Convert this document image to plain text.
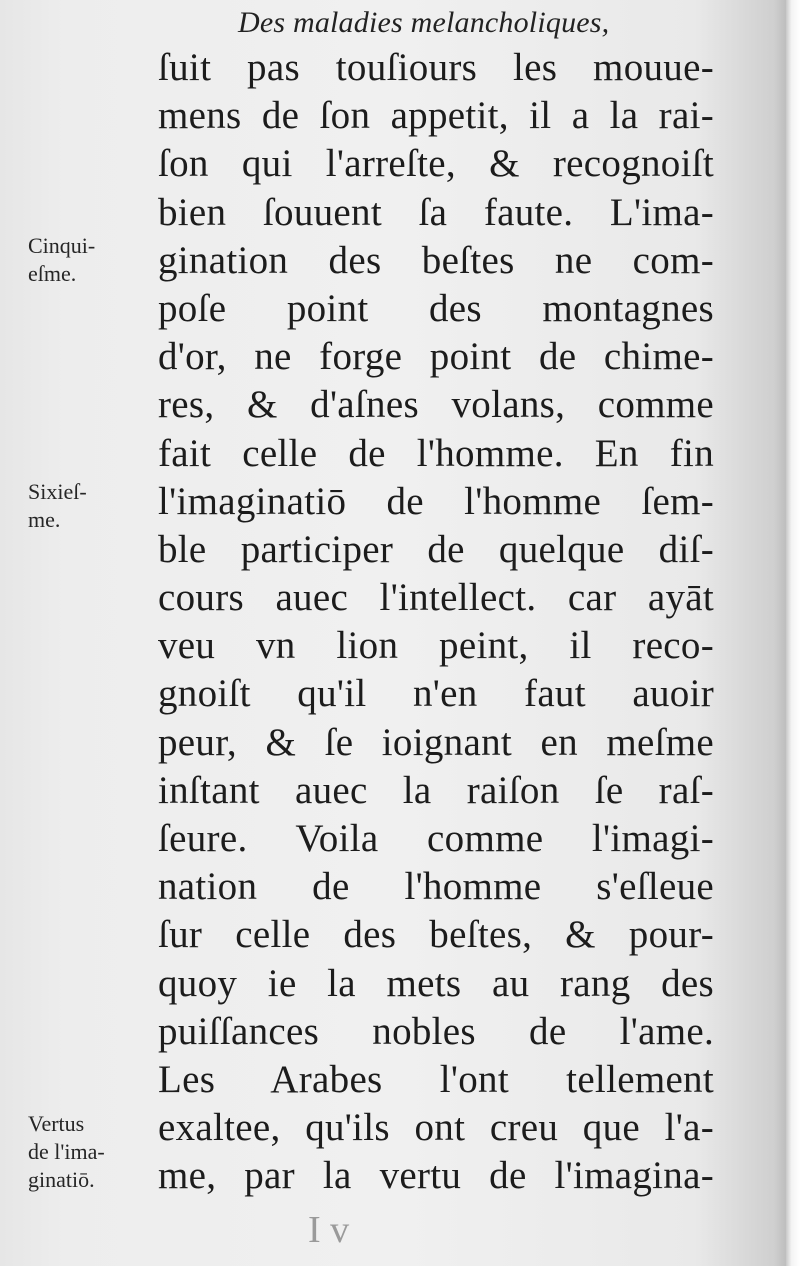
Des maladies melancholiques,
Cinqui-
eſme.
Sixieſ-
me.
Vertus
de l'ima-
ginatiō.
ſuit pas touſiours les mouue-
mens de ſon appetit, il a la rai-
ſon qui l'arreſte, & recognoiſt
bien ſouuent ſa faute. L'ima-
gination des beſtes ne com-
poſe point des montagnes
d'or, ne forge point de chime-
res, & d'aſnes volans, comme
fait celle de l'homme. En fin
l'imaginatiō de l'homme ſem-
ble participer de quelque diſ-
cours auec l'intellect. car ayāt
veu vn lion peint, il reco-
gnoiſt qu'il n'en faut auoir
peur, & ſe ioignant en meſme
inſtant auec la raiſon ſe raſ-
ſeure. Voila comme l'imagi-
nation de l'homme s'eſleue
ſur celle des beſtes, & pour-
quoy ie la mets au rang des
puiſſances nobles de l'ame.
Les Arabes l'ont tellement
exaltee, qu'ils ont creu que l'a-
me, par la vertu de l'imagina-
I v
